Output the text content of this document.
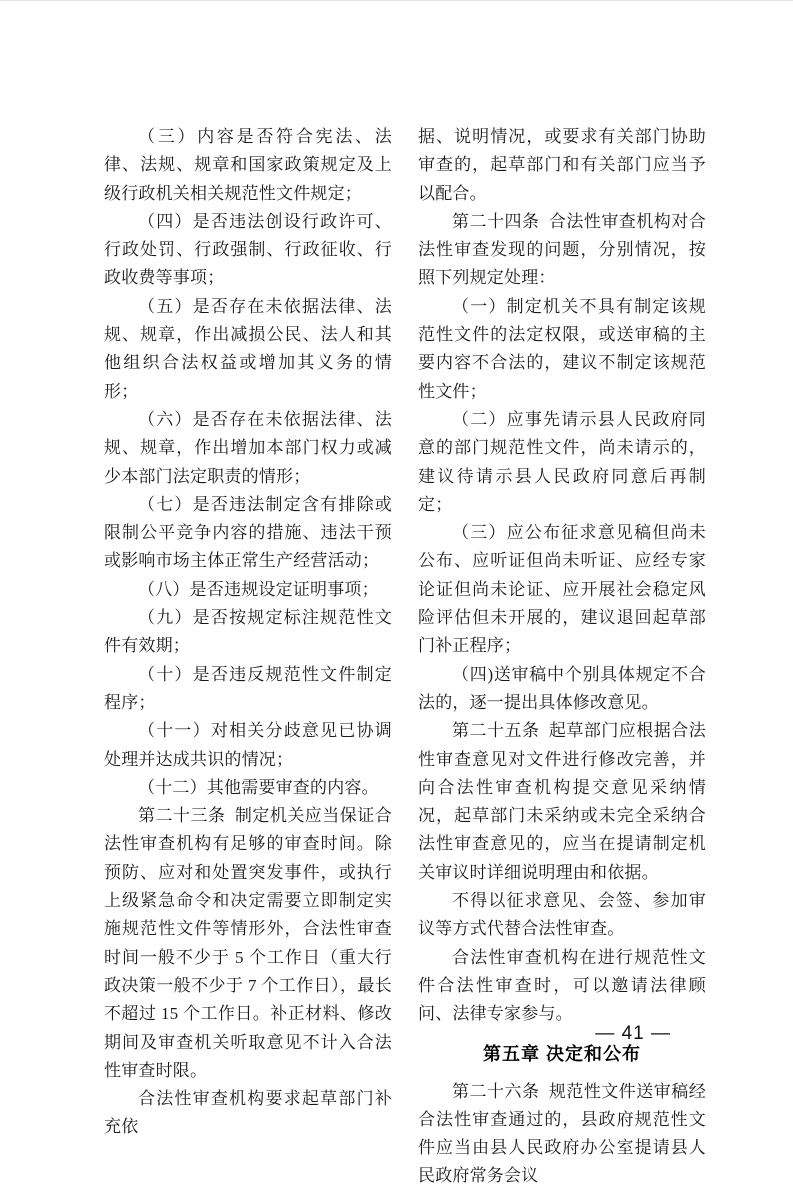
（三）内容是否符合宪法、法律、法规、规章和国家政策规定及上级行政机关相关规范性文件规定；

（四）是否违法创设行政许可、行政处罚、行政强制、行政征收、行政收费等事项；

（五）是否存在未依据法律、法规、规章，作出减损公民、法人和其他组织合法权益或增加其义务的情形；

（六）是否存在未依据法律、法规、规章，作出增加本部门权力或减少本部门法定职责的情形；

（七）是否违法制定含有排除或限制公平竞争内容的措施、违法干预或影响市场主体正常生产经营活动；

（八）是否违规设定证明事项；

（九）是否按规定标注规范性文件有效期；

（十）是否违反规范性文件制定程序；

（十一）对相关分歧意见已协调处理并达成共识的情况；

（十二）其他需要审查的内容。

第二十三条 制定机关应当保证合法性审查机构有足够的审查时间。除预防、应对和处置突发事件，或执行上级紧急命令和决定需要立即制定实施规范性文件等情形外，合法性审查时间一般不少于 5 个工作日（重大行政决策一般不少于 7 个工作日），最长不超过 15 个工作日。补正材料、修改期间及审查机关听取意见不计入合法性审查时限。

合法性审查机构要求起草部门补充依

据、说明情况，或要求有关部门协助审查的，起草部门和有关部门应当予以配合。

第二十四条 合法性审查机构对合法性审查发现的问题，分别情况，按照下列规定处理：

（一）制定机关不具有制定该规范性文件的法定权限，或送审稿的主要内容不合法的，建议不制定该规范性文件；

（二）应事先请示县人民政府同意的部门规范性文件，尚未请示的，建议待请示县人民政府同意后再制定；

（三）应公布征求意见稿但尚未公布、应听证但尚未听证、应经专家论证但尚未论证、应开展社会稳定风险评估但未开展的，建议退回起草部门补正程序；

（四)送审稿中个别具体规定不合法的，逐一提出具体修改意见。

第二十五条 起草部门应根据合法性审查意见对文件进行修改完善，并向合法性审查机构提交意见采纳情况，起草部门未采纳或未完全采纳合法性审查意见的，应当在提请制定机关审议时详细说明理由和依据。

不得以征求意见、会签、参加审议等方式代替合法性审查。

合法性审查机构在进行规范性文件合法性审查时，可以邀请法律顾问、法律专家参与。

第五章 决定和公布

第二十六条 规范性文件送审稿经合法性审查通过的，县政府规范性文件应当由县人民政府办公室提请县人民政府常务会议

— 41 —
